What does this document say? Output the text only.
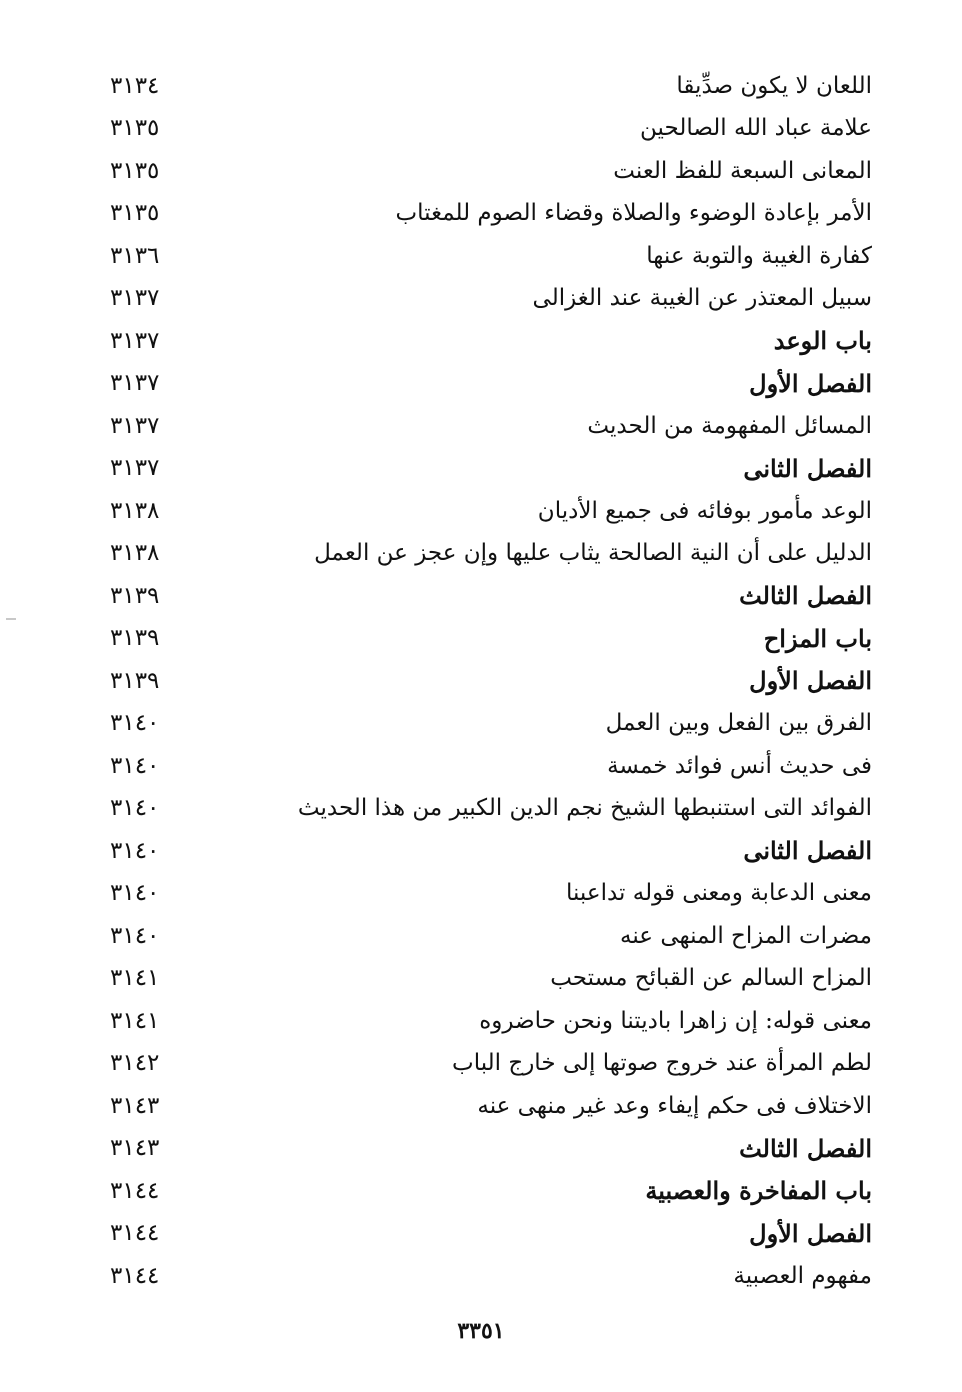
اللعان لا يكون صدِّيقا
٣١٣٤
علامة عباد الله الصالحين
٣١٣٥
المعانى السبعة للفظ العنت
٣١٣٥
الأمر بإعادة الوضوء والصلاة وقضاء الصوم للمغتاب
٣١٣٥
كفارة الغيبة والتوبة عنها
٣١٣٦
سبيل المعتذر عن الغيبة عند الغزالى
٣١٣٧
باب الوعد
٣١٣٧
الفصل الأول
٣١٣٧
المسائل المفهومة من الحديث
٣١٣٧
الفصل الثانى
٣١٣٧
الوعد مأمور بوفائه فى جميع الأديان
٣١٣٨
الدليل على أن النية الصالحة يثاب عليها وإن عجز عن العمل
٣١٣٨
الفصل الثالث
٣١٣٩
باب المزاح
٣١٣٩
الفصل الأول
٣١٣٩
الفرق بين الفعل وبين العمل
٣١٤٠
فى حديث أنس فوائد خمسة
٣١٤٠
الفوائد التى استنبطها الشيخ نجم الدين الكبير من هذا الحديث
٣١٤٠
الفصل الثانى
٣١٤٠
معنى الدعابة ومعنى قوله تداعبنا
٣١٤٠
مضرات المزاح المنهى عنه
٣١٤٠
المزاح السالم عن القبائح مستحب
٣١٤١
معنى قوله: إن زاهرا باديتنا ونحن حاضروه
٣١٤١
لطم المرأة عند خروج صوتها إلى خارج الباب
٣١٤٢
الاختلاف فى حكم إيفاء وعد غير منهى عنه
٣١٤٣
الفصل الثالث
٣١٤٣
باب المفاخرة والعصبية
٣١٤٤
الفصل الأول
٣١٤٤
مفهوم العصبية
٣١٤٤
٣٣٥١
